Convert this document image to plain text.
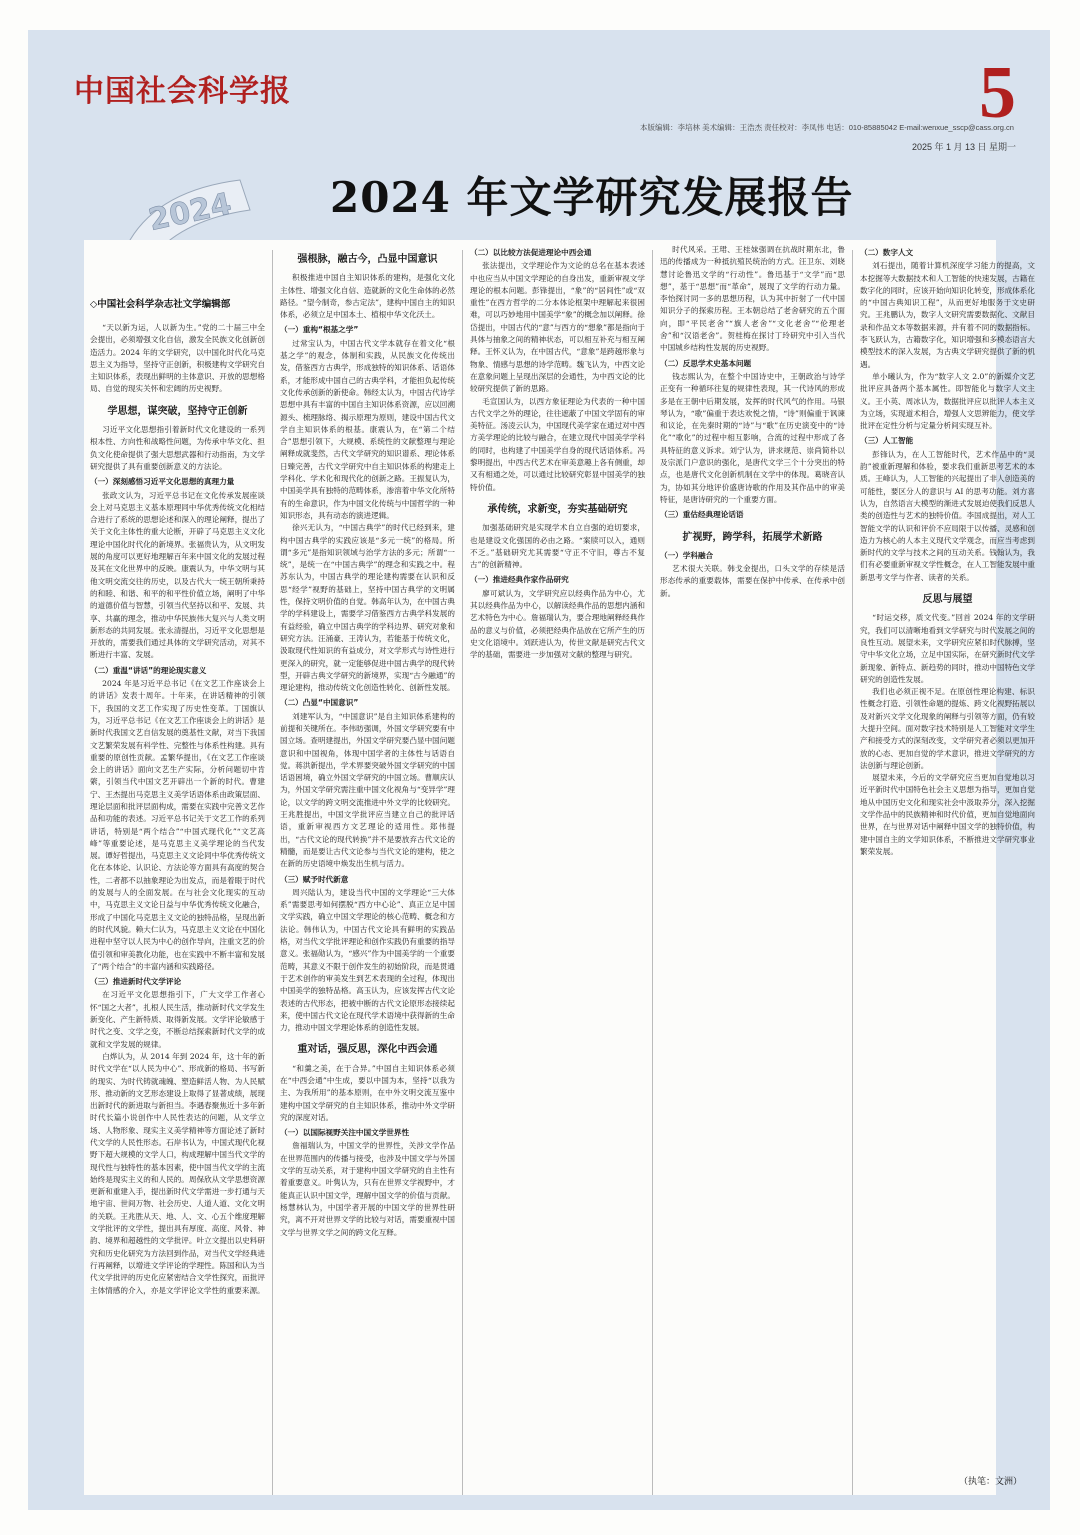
中国社会科学报	5
2025 年 1 月 13 日 星期一
本版编辑：李培林 美术编辑：王浩杰 责任校对：李凤伟 电话：010-85885042 E-mail:wenxue_sscp@cass.org.cn
2024 2024 年文学研究发展报告
◇中国社会科学杂志社文学编辑部

“天以新为运，人以新为生。”党的二十届三中全会提出，必须增强文化自信，激发全民族文化创新创造活力。2024 年的文学研究，以中国化时代化马克思主义为指导，坚持守正创新，积极建构文学研究自主知识体系，表现出鲜明的主体意识、开放的思想格局、自觉的现实关怀和宏阔的历史视野。

学思想，谋突破，坚持守正创新

习近平文化思想指引着新时代文化建设的一系列根本性、方向性和战略性问题，为传承中华文化、担负文化使命提供了强大思想武器和行动指南，为文学研究提供了具有重要创新意义的方法论。

（一）深刻感悟习近平文化思想的真理力量

张政文认为，习近平总书记在文化传承发展座谈会上对马克思主义基本原理同中华优秀传统文化相结合进行了系统的思想论述和深入的理论阐释，提出了关于文化主体性的重大论断，开辟了马克思主义文化理论中国化时代化的新境界。张福贵认为，从文明发展的角度可以更好地理解百年来中国文化的发展过程及其在文化世界中的反映。康震认为，中华文明与其他文明交流交往的历史，以及古代大一统王朝所秉持的和睦、和谐、和平的和平性价值立场，阐明了中华的道德价值与智慧，引领当代坚持以和平、发展、共享、共赢的理念，推动中华民族伟大复兴与人类文明新形态的共同发展。张永清提出，习近平文化思想是开放的，需要我们通过具体的文学研究活动，对其不断进行丰富、发展。

（二）重温“讲话”的理论现实意义

2024 年是习近平总书记《在文艺工作座谈会上的讲话》发表十周年。十年来，在讲话精神的引领下，我国的文艺工作实现了历史性变革。丁国旗认为，习近平总书记《在文艺工作座谈会上的讲话》是新时代我国文艺自信发展的奠基性文献，对当下我国文艺繁荣发展有科学性、完整性与体系性构建。具有重要的原创性贡献。孟繁华提出，《在文艺工作座谈会上的讲话》面向文艺生产实际，分析问题切中肯綮，引领当代中国文艺开辟出一个新的时代。曹建宁、王杰提出马克思主义美学话语体系由政策层面、理论层面和批评层面构成，需要在实践中完善文艺作品和功能的表述。习近平总书记关于文艺工作的系列讲话，特别是“两个结合”“中国式现代化”“文艺高峰”等重要论述，是马克思主义美学理论的当代发展。谭好哲提出，马克思主义文论同中华优秀传统文化在本体论、认识论、方法论等方面具有高度的契合性，二者都不以抽象理论为出发点，而是着眼于时代的发展与人的全面发展。在与社会文化现实的互动中，马克思主义文论日益与中华优秀传统文化融合，形成了中国化马克思主义文论的独特品格，呈现出新的时代风貌。赖大仁认为，马克思主义文论在中国化进程中坚守以人民为中心的创作导向，注重文艺的价值引领和审美教化功能，也在实践中不断丰富和发展了“两个结合”的丰富内涵和实践路径。

（三）推进新时代文学评论

在习近平文化思想指引下，广大文学工作者心怀“国之大者”，扎根人民生活，推动新时代文学发生新变化、产生新特质、取得新发展。文学评论敏感于时代之变、文学之变，不断总结探索新时代文学的成就和文学发展的规律。

白烨认为，从 2014 年到 2024 年，这十年的新时代文学在“以人民为中心”、形成新的格局、书写新的现实、为时代铸就魂魄、塑造鲜活人物、为人民赋形、推动新的文艺形态建设上取得了显著成绩，展现出新时代的新进取与新担当。李遇春聚焦近十多年新时代长篇小说创作中人民性表达的问题，从文学立场、人物形象、现实主义美学精神等方面论述了新时代文学的人民性形态。石岸书认为，中国式现代化视野下超大规模的文学人口，构成理解中国当代文学的现代性与独特性的基本因素，使中国当代文学的主流始终是现实主义的和人民的。周保欣从文学思想资源更新和重建入手，提出新时代文学需进一步打通与天地宇宙、世间万物、社会历史、人道人道、文化文明的关联。王兆胜从天、地、人、文、心五个维度理解文学批评的文学性，提出具有厚度、高度、风骨、神韵、境界和超越性的文学批评。叶立文提出以史料研究和历史化研究为方法回到作品，对当代文学经典进行再阐释，以增进文学评论的学理性。陈国和认为当代文学批评的历史化应紧密结合文学性探究，而批评主体情感的介入，亦是文学评论文学性的重要来源。

强根脉，融古今，凸显中国意识

积极推进中国自主知识体系的建构，是强化文化主体性、增强文化自信、造就新的文化生命体的必然路径。“望今制奇，参古定法”，建构中国自主的知识体系，必须立足中国本土、植根中华文化沃土。

（一）重构“根基之学”

过常宝认为，中国古代文学本就存在着文化“根基之学”的观念，体制和实践，从民族文化传统出发，借鉴西方古典学，形成独特的知识体系、话语体系，才能形成中国自己的古典学科，才能担负起传统文化传承创新的新使命。韩经太认为，中国古代诗学思想中具有丰富的中国自主知识体系资源，应以回溯源头、梳理脉络、揭示原理为原则，建设中国古代文学自主知识体系的根基。康震认为，在“第二个结合”思想引领下，大规模、系统性的文献整理与理论阐释成就斐然，古代文学研究的知识谱系、理论体系日臻完善，古代文学研究中自主知识体系的构建走上学科化、学术化和现代化的创新之路。王振复认为，中国美学具有独特的范畴体系，渗溶着中华文化所特有的生命意识，作为中国文化传统与中国哲学的一种知识形态，具有动态的演进逻辑。

徐兴无认为，“中国古典学”的时代已经到来，建构中国古典学的实践应该是“多元一统”的格局。所谓“多元”是指知识领域与治学方法的多元；所谓“一统”，是统一在“中国古典学”的理念和实践之中。程苏东认为，中国古典学的理论建构需要在认识和反思“经学”视野的基础上，坚持中国古典学的文明属性，保持文明价值的自觉。韩高年认为，在中国古典学的学科建设上，需要学习借鉴西方古典学科发展的有益经验，确立中国古典学的学科边界、研究对象和研究方法。汪涌豪、王涛认为，若能基于传统文化，汲取现代性知识的有益成分，对文学形式与诗性进行更深入的研究，就一定能够促进中国古典学的现代转型，开辟古典文学研究的新境界，实现“古今融通”的理论建构，推动传统文化创造性转化、创新性发展。

（二）凸显“中国意识”

刘建军认为，“中国意识”是自主知识体系建构的前提和关键所在。李伟昉强调，外国文学研究要有中国立场。查明建提出，外国文学研究要凸显中国问题意识和中国视角，体现中国学者的主体性与话语自觉。蒋洪新提出，学术界要突破外国文学研究的中国话语困境，确立外国文学研究的中国立场。曹顺庆认为，外国文学研究需注重中国文化视角与“变异学”理论，以文学的跨文明交流推进中外文学的比较研究。王兆胜提出，中国文学批评应当建立自己的批评话语，重新审视西方文艺理论的适用性。郑伟提出，“古代文论的现代转换”并不是要放弃古代文论的精髓，而是要让古代文论参与当代文论的建构，使之在新的历史语境中焕发出生机与活力。

（三）赋予时代新意

周兴陆认为，建设当代中国的文学理论“三大体系”需要思考如何摆脱“西方中心论”、真正立足中国文学实践，确立中国文学理论的核心范畴、概念和方法论。韩伟认为，中国古代文论具有鲜明的实践品格，对当代文学批评理论和创作实践仍有重要的指导意义。张福勋认为，“感兴”作为中国美学的一个重要范畴，其意义不限于创作发生的初始阶段，而是贯通于艺术创作的审美发生到艺术表现的全过程，体现出中国美学的独特品格。高玉认为，应该发挥古代文论表述的古代形态，把被中断的古代文论原形态接续起来，使中国古代文论在现代学术语境中获得新的生命力，推动中国文学理论体系的创造性发展。

重对话，强反思，深化中西会通

“和羹之美，在于合异。”中国自主知识体系必须在“中西会通”中生成，要以中国为本，坚持“以我为主、为我所用”的基本原则，在中外文明交流互鉴中建构中国文学研究的自主知识体系，推动中外文学研究的深度对话。

（一）以国际视野关注中国文学世界性

詹福瑞认为，中国文学的世界性，关涉文学作品在世界范围内的传播与接受，也涉及中国文学与外国文学的互动关系，对于建构中国文学研究的自主性有着重要意义。叶隽认为，只有在世界文学视野中，才能真正认识中国文学，理解中国文学的价值与贡献。杨慧林认为，中国学者开展的中国文学的世界性研究，离不开对世界文学的比较与对话，需要重视中国文学与世界文学之间的跨文化互释。

（二）以比较方法促进理论中西会通

张法提出，文学理论作为文论的总名在基本表述中也应当从中国文学理论的自身出发，重新审视文学理论的根本问题。彭锋提出，“象”的“居间性”或“双重性”在西方哲学的二分本体论框架中理解起来很困难，可以巧妙地用中国美学“象”的概念加以阐释。徐岱提出，中国古代的“意”与西方的“想象”都是指向于具体与抽象之间的精神状态，可以相互补充与相互阐释。王怀义认为，在中国古代，“意象”是跨越形象与物象、情感与思想的诗学范畴。魏飞认为，中西文论在意象问题上呈现出深层的会通性，为中西文论的比较研究提供了新的思路。

毛宣国认为，以西方象征理论为代表的一种中国古代文学之外的理论，往往遮蔽了中国文学固有的审美特征。汤凌云认为，中国现代美学家在通过对中西方美学理论的比较与融合，在建立现代中国美学学科的同时，也构建了中国美学自身的现代话语体系。冯黎明提出，中西古代艺术在审美意趣上各有侧重，却又有相通之处，可以通过比较研究彰显中国美学的独特价值。

承传统，求新变，夯实基础研究

加强基础研究是实现学术自立自强的迫切要求，也是建设文化强国的必由之路。“案牍可以入，通则不乏。”基础研究尤其需要“守正不守旧，尊古不复古”的创新精神。

（一）推进经典作家作品研究

廖可斌认为，文学研究应以经典作品为中心，尤其以经典作品为中心，以解读经典作品的思想内涵和艺术特色为中心。詹福瑞认为，要合理地阐释经典作品的意义与价值，必须把经典作品放在它所产生的历史文化语境中。刘跃进认为，传世文献是研究古代文学的基础，需要进一步加强对文献的整理与研究。

时代风采。王珺、王桂妹强调在抗战时期东北，鲁迅的传播成为一种抵抗殖民统治的方式。汪卫东、刘晓慧讨论鲁迅文学的“行动性”。鲁迅基于“文学”而“思想”，基于“思想”而“革命”，展现了文学的行动力量。李怡探讨同一多的思想历程，认为其中折射了一代中国知识分子的探索历程。王本朝总结了老舍研究的五个面向，即“平民老舍”“旗人老舍”“文化老舍”“伦理老舍”和“汉语老舍”。贺桂梅在探讨丁玲研究中引入当代中国城乡结构性发展的历史视野。

（二）反思学术史基本问题

钱志熙认为，在整个中国诗史中，王朝政治与诗学正变有一种循环往复的规律性表现，其一代诗风的形成多是在王朝中后期发展，发挥的时代风气的作用。马银琴认为，“歌”偏重于表达欢悦之情，“诗”则偏重于讽谏和议论，在先秦时期的“诗”与“歌”在历史演变中的“诗化”“歌化”的过程中相互影响，合流的过程中形成了各具特征的意义诉求。刘宁认为，讲求规范、崇尚简朴以及宗派门户意识的强化，是唐代文学三个十分突出的特点，也是唐代文化创新机制在文学中的体现。葛晓音认为，协如其分地评价盛唐诗歌的作用及其作品中的审美特征，是唐诗研究的一个重要方面。

（三）重估经典理论话语
扩视野，跨学科，拓展学术新路
（一）学科融合

艺术很大关联。韩戈金提出，口头文学的存续是活形态传承的重要载体，需要在保护中传承、在传承中创新。

（二）数字人文

刘石提出，随着计算机深度学习能力的提高，文本挖掘等大数据技术和人工智能的快速发展，古籍在数字化的同时，应该开始向知识化转变，形成体系化的“中国古典知识工程”，从而更好地服务于文史研究。王兆鹏认为，数字人文研究需要数据化、文献目录和作品文本等数据来源，并有着不同的数据指标。李飞跃认为，古籍数字化，知识增强和多模态语言大模型技术的深入发展，为古典文学研究提供了新的机遇。

单小曦认为，作为“数字人文 2.0”的新媒介文艺批评应具备两个基本属性。即智能化与数字人文主义。王小英、周冰认为，数据批评应以批评人本主义为立场，实现道术相合，增强人文思辨能力，使文学批评在定性分析与定量分析间实现互补。

（三）人工智能

彭锋认为，在人工智能时代，艺术作品中的“灵韵”被重新理解和体验，要求我们重新思考艺术的本质。王峰认为，人工智能的兴起提出了非人创造美的可能性，要区分人的意识与 AI 的思考功能。刘方喜认为，自然语言大模型的渐进式发展迫使我们反思人类的创造性与艺术的独特价值。李国成提出，对人工智能文学的认识和评价不应局限于以传播、灵感和创造力为核心的人本主义现代文学观念，而应当考虑到新时代的文学与技术之间的互动关系。钱翰认为，我们有必要重新审视文学性概念，在人工智能发展中重新思考文学与作者、读者的关系。

反思与展望

“时运交移，质文代变。”回首 2024 年的文学研究，我们可以清晰地看到文学研究与时代发展之间的良性互动。展望未来，文学研究应紧扣时代脉搏，坚守中华文化立场，立足中国实际，在研究新时代文学新现象、新特点、新趋势的同时，推动中国特色文学研究的创造性发展。

我们也必须正视不足。在原创性理论构建、标识性概念打造、引领性命题的提炼、跨文化视野拓展以及对新兴文学文化现象的阐释与引领等方面，仍有较大提升空间。面对数字技术特别是人工智能对文学生产和接受方式的深刻改变，文学研究者必须以更加开放的心态、更加自觉的学术意识，推进文学研究的方法创新与理论创新。

展望未来，今后的文学研究应当更加自觉地以习近平新时代中国特色社会主义思想为指导，更加自觉地从中国历史文化和现实社会中汲取养分，深入挖掘文学作品中的民族精神和时代价值，更加自觉地面向世界，在与世界对话中阐释中国文学的独特价值，构建中国自主的文学知识体系，不断推进文学研究事业繁荣发展。

（执笔：文洲）
